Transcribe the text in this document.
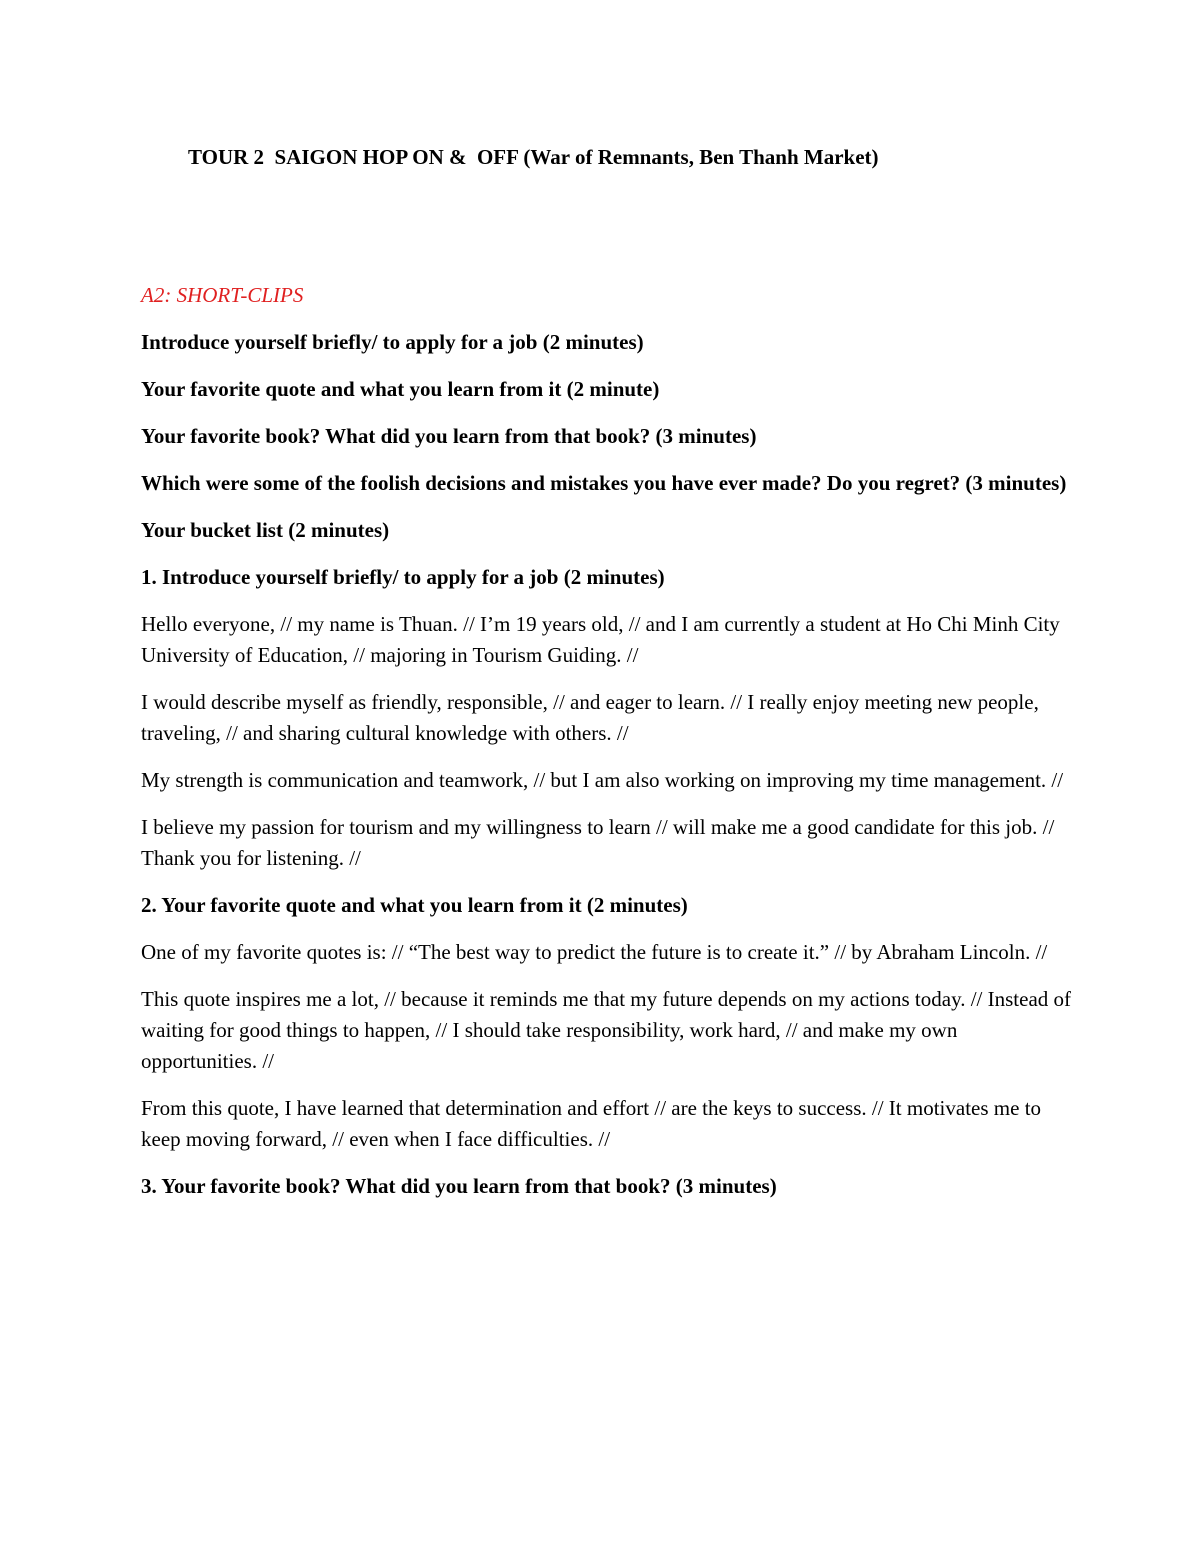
TOUR 2  SAIGON HOP ON &  OFF (War of Remnants, Ben Thanh Market)

A2: SHORT-CLIPS

Introduce yourself briefly/ to apply for a job (2 minutes)

Your favorite quote and what you learn from it (2 minute)

Your favorite book? What did you learn from that book? (3 minutes)

Which were some of the foolish decisions and mistakes you have ever made? Do you regret? (3 minutes)

Your bucket list (2 minutes)

1. Introduce yourself briefly/ to apply for a job (2 minutes)

Hello everyone, // my name is Thuan. // I’m 19 years old, // and I am currently a student at Ho Chi Minh City University of Education, // majoring in Tourism Guiding. //

I would describe myself as friendly, responsible, // and eager to learn. // I really enjoy meeting new people, traveling, // and sharing cultural knowledge with others. //

My strength is communication and teamwork, // but I am also working on improving my time management. //

I believe my passion for tourism and my willingness to learn // will make me a good candidate for this job. // Thank you for listening. //

2. Your favorite quote and what you learn from it (2 minutes)

One of my favorite quotes is: // “The best way to predict the future is to create it.” // by Abraham Lincoln. //

This quote inspires me a lot, // because it reminds me that my future depends on my actions today. // Instead of waiting for good things to happen, // I should take responsibility, work hard, // and make my own opportunities. //

From this quote, I have learned that determination and effort // are the keys to success. // It motivates me to keep moving forward, // even when I face difficulties. //

3. Your favorite book? What did you learn from that book? (3 minutes)
